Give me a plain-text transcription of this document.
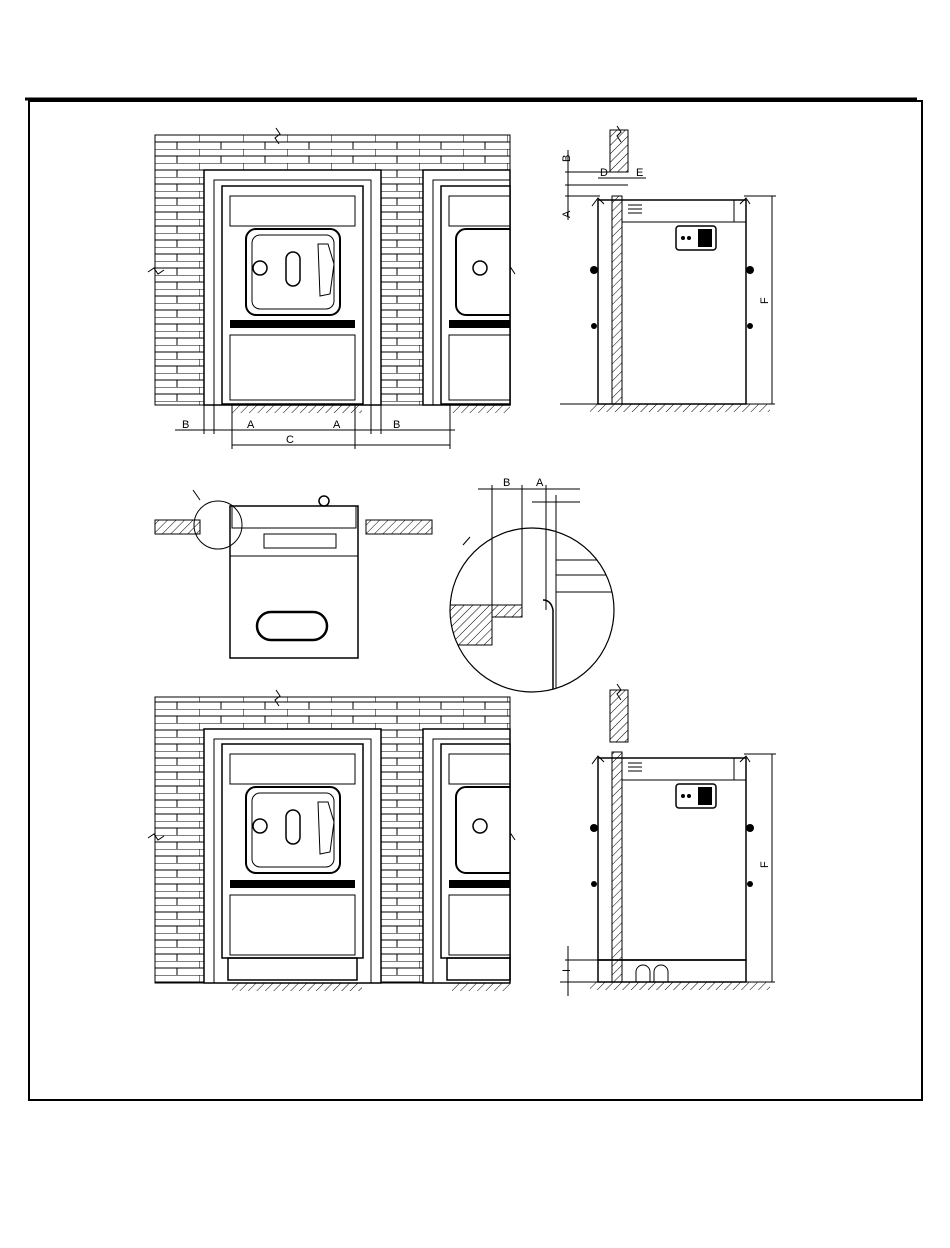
B	A
C
A	B
B
A
D	E
F
B A
F
I
